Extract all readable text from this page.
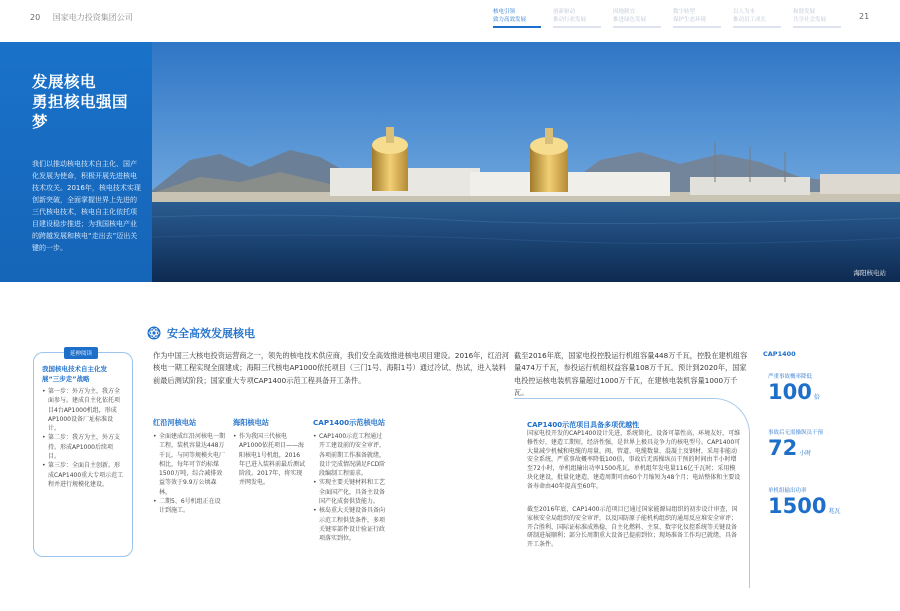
20 国家电力投资集团公司
核电引领
致力高效发展
创新驱动
推动行业发展
因地制宜
推进绿色发展
数字转型
保护生态环境
以人为本
推动员工成长
和谐发展
共享社会发展	21
发展核电
勇担核电强国梦
我们以推动核电技术自主化、国产化发展为使命，积极开展先进核电技术攻关。2016年，核电技术实现创新突破，全面掌握世界上先进的三代核电技术，核电自主化依托项目建设稳步推进；为我国核电产业的跨越发展和核电“走出去”迈出关键的一步。
海阳核电站
安全高效发展核电
延伸阅读
我国核电技术自主化发展“三步走”战略
• 第一步：外方为主，我方全面参与。建成自主化依托项目4台AP1000机组，形成AP1000设备厂址标准设计。
• 第二步：我方为主，外方支持。形成AP1000后续项目。
• 第三步：全面自主创新。形成CAP1400重大专项示范工程并进行规模化建设。
作为中国三大核电投资运营商之一，领先的核电技术供应商，我们安全高效推进核电项目建设。2016年，红沿河核电一期工程实现全面建成；海阳三代核电AP1000依托项目（三门1号、海阳1号）通过冷试、热试，进入装料前最后测试阶段；国家重大专项CAP1400示范工程具备开工条件。
红沿河核电站
• 全面建成红沿河核电一期工程，装机容量达448万千瓦，与同等规模火电厂相比，每年可节约标煤1500万吨，综合减排效益等效于9.9万公顷森林。
• 二期5、6号机组正在设计到施工。
海阳核电站
• 作为我国三代核电AP1000依托项目——海阳核电1号机组，2016年已进入装料前最后测试阶段。2017年，将实现并网发电。
CAP1400示范核电站
• CAP1400示范工程通过开工建设前的安全审评，各项前期工作准备就绪，设计完成情况满足FCD阶段编制工程需求。
• 实现主要关键材料和工艺全面国产化，具备主设备国产化成套供货能力。
• 核岛重大关键设备具备向示范工程供货条件，多项关键零部件设计验证行政项落实到位。
截至2016年底，国家电投控股运行机组容量448万千瓦，控股在建机组容量474万千瓦，参投运行机组权益容量108万千瓦。预计到2020年，国家电投控运核电装机容量超过1000万千瓦，在建核电装机容量1000万千瓦。
CAP1400示范项目具备多项优越性
国家电投开发的CAP1400设计先进，系统简化，设备可靠性高，环境友好，可维修性好，建造工期短，经济性强，是世界上极具竞争力的核电型号。CAP1400可大量减少机械和电缆的用量，阀、管道、电缆数量、混凝土及钢材，采用非能动安全系统，严重事故概率降低100倍，事故后无需操纵员干预的时间由半小时增至72小时，单机组输出功率1500兆瓦，单机组年发电量116亿千瓦时；采用模块化建设，批量化建造，建造周期可由60个月缩短为48个月；电站整体和主要设备寿命由40年提高至60年。
截至2016年底，CAP1400示范项目已通过国家能源局组织的初步设计审查，国家核安全局组织的安全审评，以及国防原子能机构组织的通用反应堆安全审评；开合胜利、国际证标准成熟稳，自主化燃料、主泵、数字化仪控系统等关键设备研制进展顺利；部分长周期重大设备已提前到位；现场准备工作均已就绪，具备开工条件。
CAP1400
严重事故概率降低
100 倍
事故后无需操纵员干预
72 小时
单机组输出功率
1500 兆瓦
